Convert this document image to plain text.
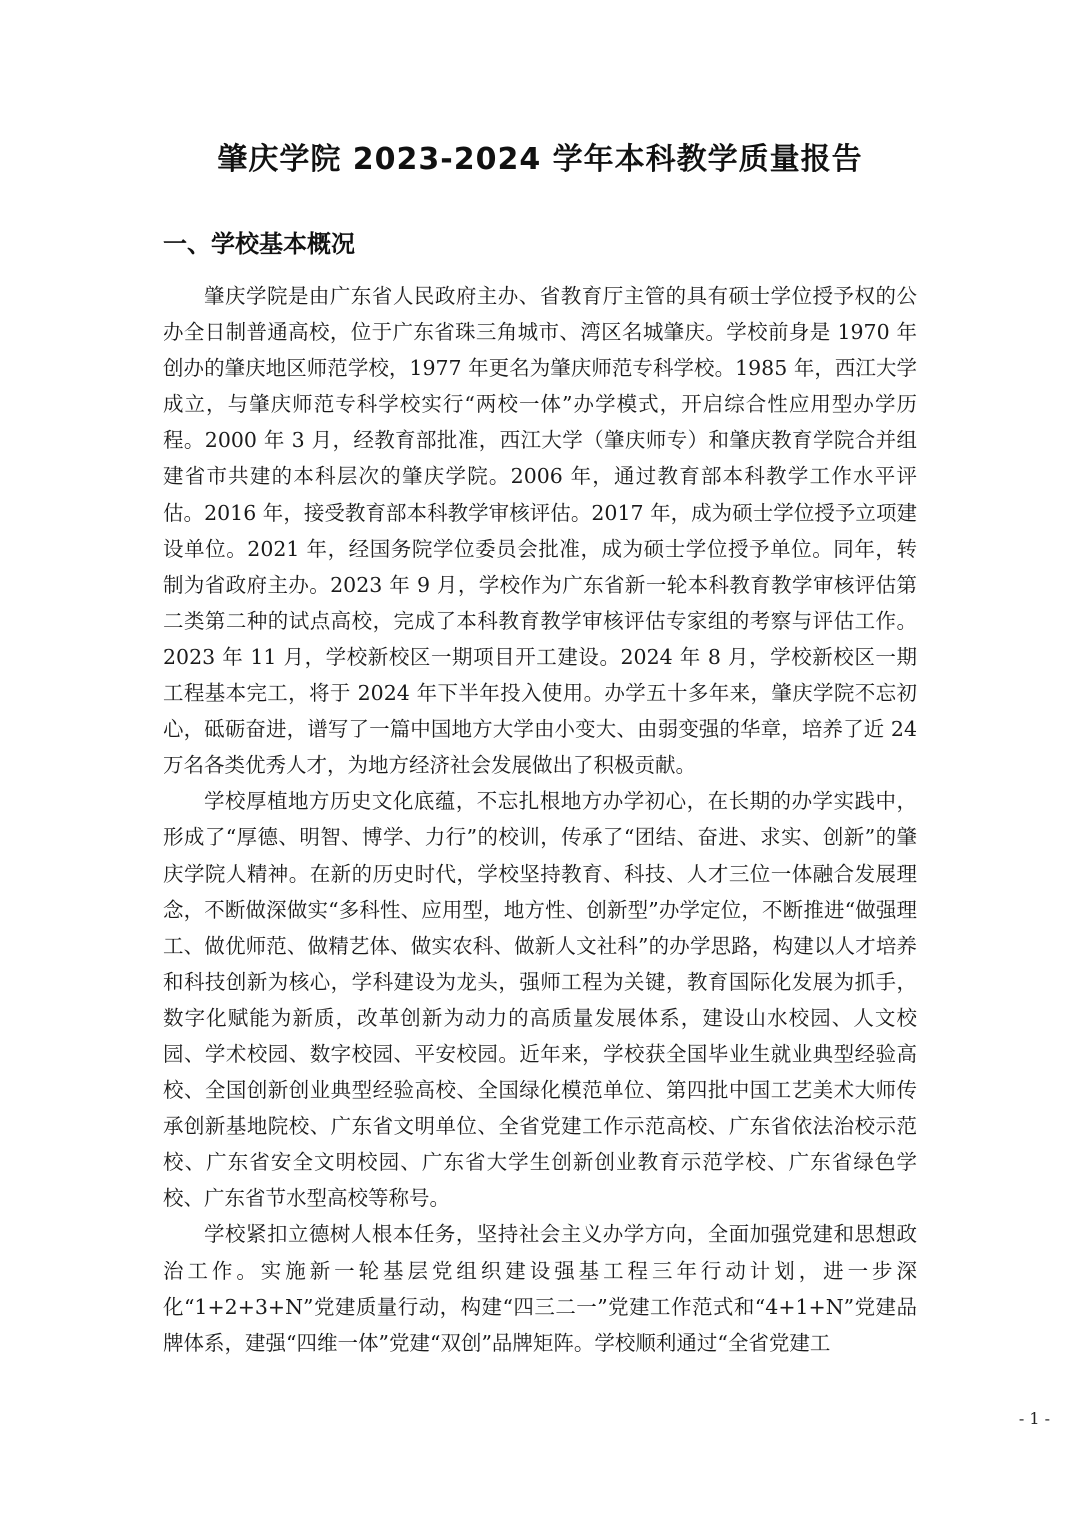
肇庆学院 2023-2024 学年本科教学质量报告
一、学校基本概况

肇庆学院是由广东省人民政府主办、省教育厅主管的具有硕士学位授予权的公办全日制普通高校，位于广东省珠三角城市、湾区名城肇庆。学校前身是 1970 年创办的肇庆地区师范学校，1977 年更名为肇庆师范专科学校。1985 年，西江大学成立，与肇庆师范专科学校实行“两校一体”办学模式，开启综合性应用型办学历程。2000 年 3 月，经教育部批准，西江大学（肇庆师专）和肇庆教育学院合并组建省市共建的本科层次的肇庆学院。2006 年，通过教育部本科教学工作水平评估。2016 年，接受教育部本科教学审核评估。2017 年，成为硕士学位授予立项建设单位。2021 年，经国务院学位委员会批准，成为硕士学位授予单位。同年，转制为省政府主办。2023 年 9 月，学校作为广东省新一轮本科教育教学审核评估第二类第二种的试点高校，完成了本科教育教学审核评估专家组的考察与评估工作。2023 年 11 月，学校新校区一期项目开工建设。2024 年 8 月，学校新校区一期工程基本完工，将于 2024 年下半年投入使用。办学五十多年来，肇庆学院不忘初心，砥砺奋进，谱写了一篇中国地方大学由小变大、由弱变强的华章，培养了近 24 万名各类优秀人才，为地方经济社会发展做出了积极贡献。

学校厚植地方历史文化底蕴，不忘扎根地方办学初心，在长期的办学实践中，形成了“厚德、明智、博学、力行”的校训，传承了“团结、奋进、求实、创新”的肇庆学院人精神。在新的历史时代，学校坚持教育、科技、人才三位一体融合发展理念，不断做深做实“多科性、应用型，地方性、创新型”办学定位，不断推进“做强理工、做优师范、做精艺体、做实农科、做新人文社科”的办学思路，构建以人才培养和科技创新为核心，学科建设为龙头，强师工程为关键，教育国际化发展为抓手，数字化赋能为新质，改革创新为动力的高质量发展体系，建设山水校园、人文校园、学术校园、数字校园、平安校园。近年来，学校获全国毕业生就业典型经验高校、全国创新创业典型经验高校、全国绿化模范单位、第四批中国工艺美术大师传承创新基地院校、广东省文明单位、全省党建工作示范高校、广东省依法治校示范校、广东省安全文明校园、广东省大学生创新创业教育示范学校、广东省绿色学校、广东省节水型高校等称号。

学校紧扣立德树人根本任务，坚持社会主义办学方向，全面加强党建和思想政治工作。实施新一轮基层党组织建设强基工程三年行动计划，进一步深化“1+2+3+N”党建质量行动，构建“四三二一”党建工作范式和“4+1+N”党建品牌体系，建强“四维一体”党建“双创”品牌矩阵。学校顺利通过“全省党建工

- 1 -
